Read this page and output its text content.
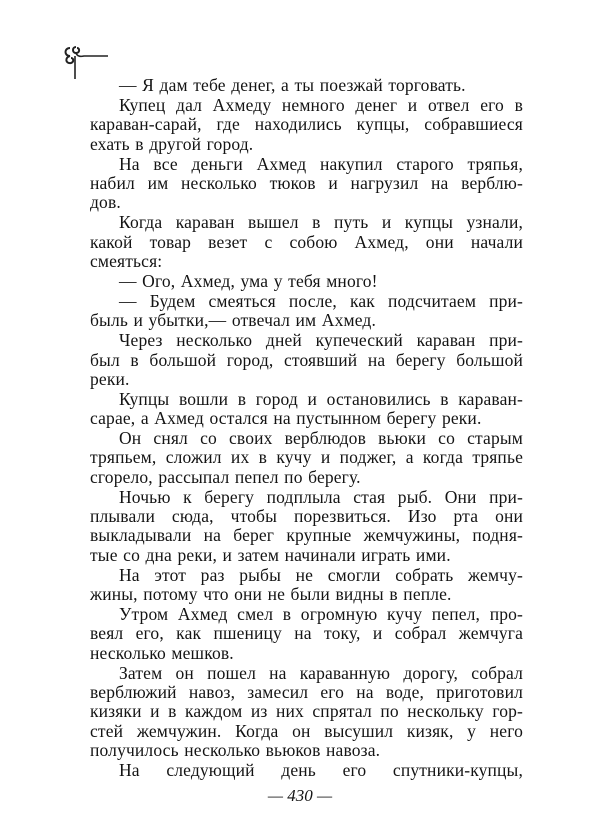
— Я дам тебе денег, а ты поезжай торговать.
Купец дал Ахмеду немного денег и отвел его в
караван-сарай, где находились купцы, собравшиеся
ехать в другой город.
На все деньги Ахмед накупил старого тряпья,
набил им несколько тюков и нагрузил на верблю-
дов.
Когда караван вышел в путь и купцы узнали,
какой товар везет с собою Ахмед, они начали
смеяться:
— Ого, Ахмед, ума у тебя много!
— Будем смеяться после, как подсчитаем при-
быль и убытки,— отвечал им Ахмед.
Через несколько дней купеческий караван при-
был в большой город, стоявший на берегу большой
реки.
Купцы вошли в город и остановились в караван-
сарае, а Ахмед остался на пустынном берегу реки.
Он снял со своих верблюдов вьюки со старым
тряпьем, сложил их в кучу и поджег, а когда тряпье
сгорело, рассыпал пепел по берегу.
Ночью к берегу подплыла стая рыб. Они при-
плывали сюда, чтобы порезвиться. Изо рта они
выкладывали на берег крупные жемчужины, подня-
тые со дна реки, и затем начинали играть ими.
На этот раз рыбы не смогли собрать жемчу-
жины, потому что они не были видны в пепле.
Утром Ахмед смел в огромную кучу пепел, про-
веял его, как пшеницу на току, и собрал жемчуга
несколько мешков.
Затем он пошел на караванную дорогу, собрал
верблюжий навоз, замесил его на воде, приготовил
кизяки и в каждом из них спрятал по нескольку гор-
стей жемчужин. Когда он высушил кизяк, у него
получилось несколько вьюков навоза.
На следующий день его спутники-купцы,
— 430 —
